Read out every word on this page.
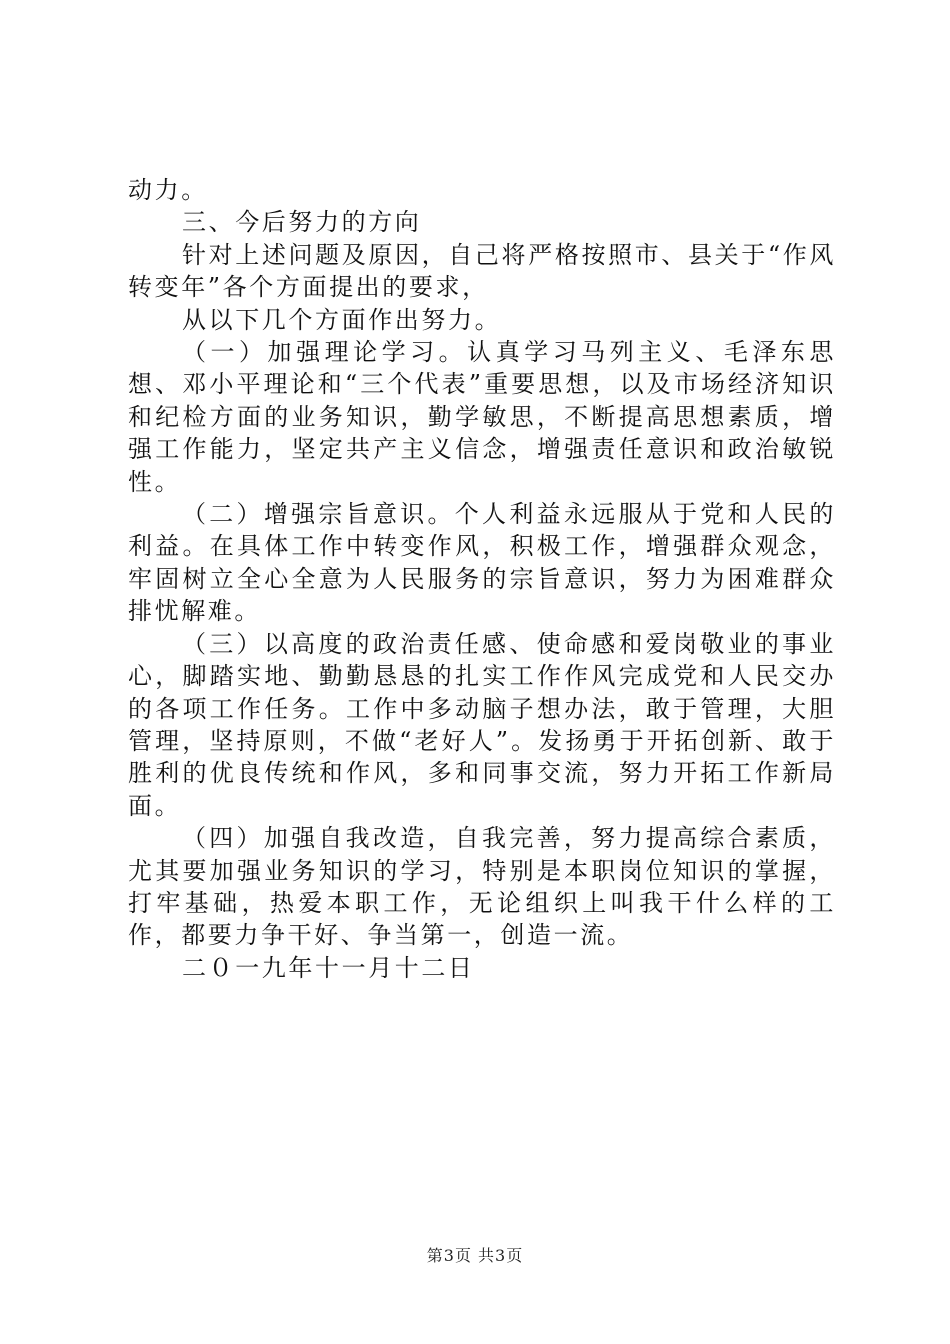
动力。

三、今后努力的方向

针对上述问题及原因，自己将严格按照市、县关于“作风转变年”各个方面提出的要求，

从以下几个方面作出努力。

（一）加强理论学习。认真学习马列主义、毛泽东思想、邓小平理论和“三个代表”重要思想，以及市场经济知识和纪检方面的业务知识，勤学敏思，不断提高思想素质，增强工作能力，坚定共产主义信念，增强责任意识和政治敏锐性。

（二）增强宗旨意识。个人利益永远服从于党和人民的利益。在具体工作中转变作风，积极工作，增强群众观念，牢固树立全心全意为人民服务的宗旨意识，努力为困难群众排忧解难。

（三）以高度的政治责任感、使命感和爱岗敬业的事业心，脚踏实地、勤勤恳恳的扎实工作作风完成党和人民交办的各项工作任务。工作中多动脑子想办法，敢于管理，大胆管理，坚持原则，不做“老好人”。发扬勇于开拓创新、敢于胜利的优良传统和作风，多和同事交流，努力开拓工作新局面。

（四）加强自我改造，自我完善，努力提高综合素质，尤其要加强业务知识的学习，特别是本职岗位知识的掌握，打牢基础，热爱本职工作，无论组织上叫我干什么样的工作，都要力争干好、争当第一，创造一流。

二０一九年十一月十二日

第3页 共3页
